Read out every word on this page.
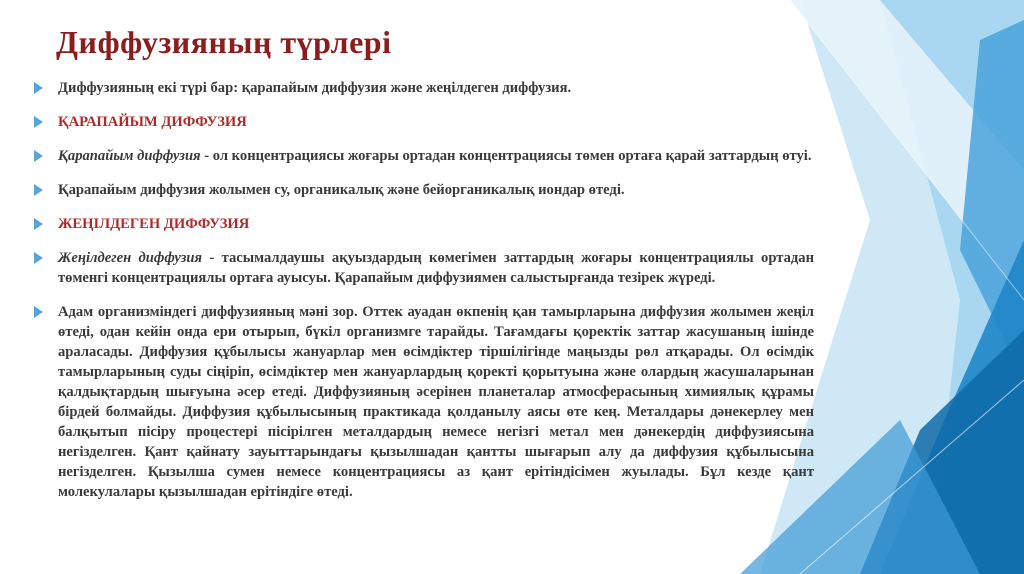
Диффузияның түрлері
Диффузияның екі түрі бар: қарапайым диффузия және жеңілдеген диффузия.
ҚАРАПАЙЫМ ДИФФУЗИЯ
Қарапайым диффузия - ол концентрациясы жоғары ортадан концентрациясы төмен ортаға қарай заттардың өтуі.
Қарапайым диффузия жолымен су, органикалық және бейорганикалық иондар өтеді.
ЖЕҢІЛДЕГЕН ДИФФУЗИЯ
Жеңілдеген диффузия - тасымалдаушы ақуыздардың көмегімен заттардың жоғары концентрациялы ортадан төменгі концентрациялы ортаға ауысуы. Қарапайым диффузиямен салыстырғанда тезірек жүреді.
Адам организміндегі диффузияның мәні зор. Оттек ауадан өкпенің қан тамырларына диффузия жолымен жеңіл өтеді, одан кейін онда ери отырып, бүкіл организмге тарайды. Тағамдағы қоректік заттар жасушаның ішінде араласады. Диффузия құбылысы жануарлар мен өсімдіктер тіршілігінде маңызды рөл атқарады. Ол өсімдік тамырларының суды сіңіріп, өсімдіктер мен жануарлардың қоректі қорытуына және олардың жасушаларынан қалдықтардың шығуына әсер етеді. Диффузияның әсерінен планеталар атмосферасының химиялық құрамы бірдей болмайды. Диффузия құбылысының практикада қолданылу аясы өте кең. Металдары дәнекерлеу мен балқытып пісіру процестері пісірілген металдардың немесе негізгі метал мен дәнекердің диффузиясына негізделген. Қант қайнату зауыттарындағы қызылшадан қантты шығарып алу да диффузия құбылысына негізделген. Қызылша сумен немесе концентрациясы аз қант ерітіндісімен жуылады. Бұл кезде қант молекулалары қызылшадан ерітіндіге өтеді.
